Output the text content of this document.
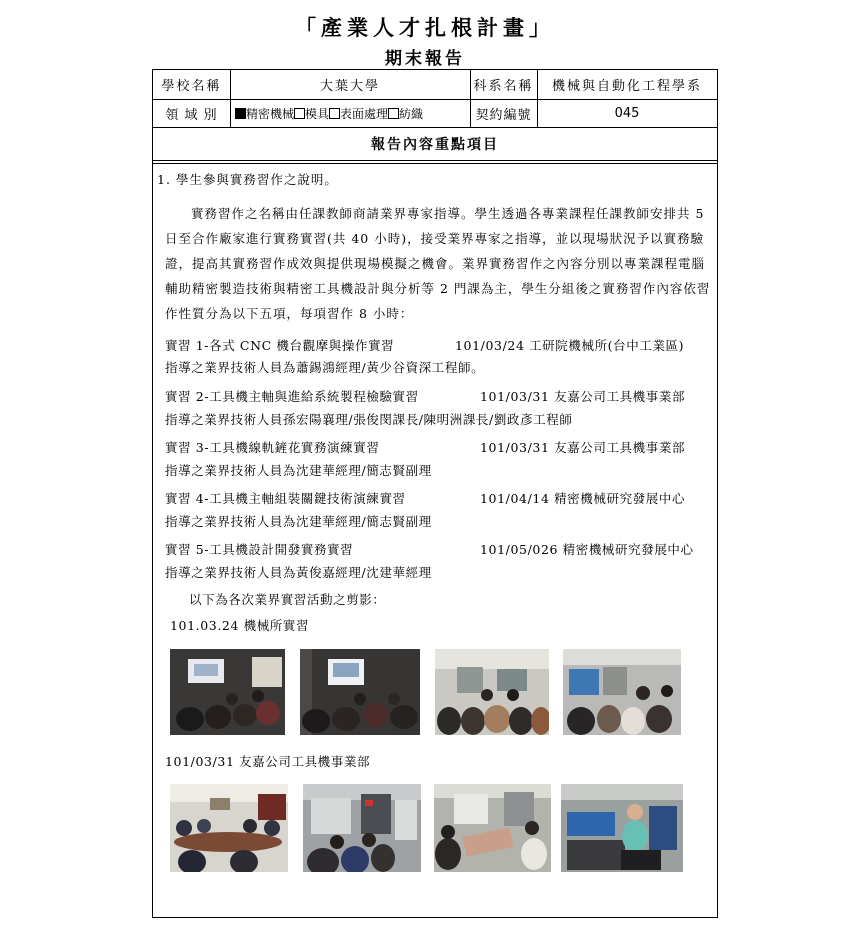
「產業人才扎根計畫」
期末報告
學校名稱	大葉大學	科系名稱	機械與自動化工程學系
領 域 別	精密機械 模具 表面處理 紡織	契約編號	045
報告內容重點項目
1. 學生參與實務習作之說明。
實務習作之名稱由任課教師商請業界專家指導。學生透過各專業課程任課教師安排共 5 日至合作廠家進行實務實習(共 40 小時)，接受業界專家之指導，並以現場狀況予以實務驗證，提高其實務習作成效與提供現場模擬之機會。業界實務習作之內容分別以專業課程電腦輔助精密製造技術與精密工具機設計與分析等 2 門課為主，學生分組後之實務習作內容依習作性質分為以下五項，每項習作 8 小時：
實習 1-各式 CNC 機台觀摩與操作實習	101/03/24 工研院機械所(台中工業區)
指導之業界技術人員為蕭錫鴻經理/黃少谷資深工程師。
實習 2-工具機主軸與進給系統製程檢驗實習	101/03/31 友嘉公司工具機事業部
指導之業界技術人員孫宏陽襄理/張俊閔課長/陳明洲課長/劉政彥工程師
實習 3-工具機線軌鏟花實務演練實習	101/03/31 友嘉公司工具機事業部
指導之業界技術人員為沈建華經理/簡志賢副理
實習 4-工具機主軸組裝關鍵技術演練實習	101/04/14 精密機械研究發展中心
指導之業界技術人員為沈建華經理/簡志賢副理
實習 5-工具機設計開發實務實習	101/05/026 精密機械研究發展中心
指導之業界技術人員為黃俊嘉經理/沈建華經理
以下為各次業界實習活動之剪影：
101.03.24 機械所實習
101/03/31 友嘉公司工具機事業部
